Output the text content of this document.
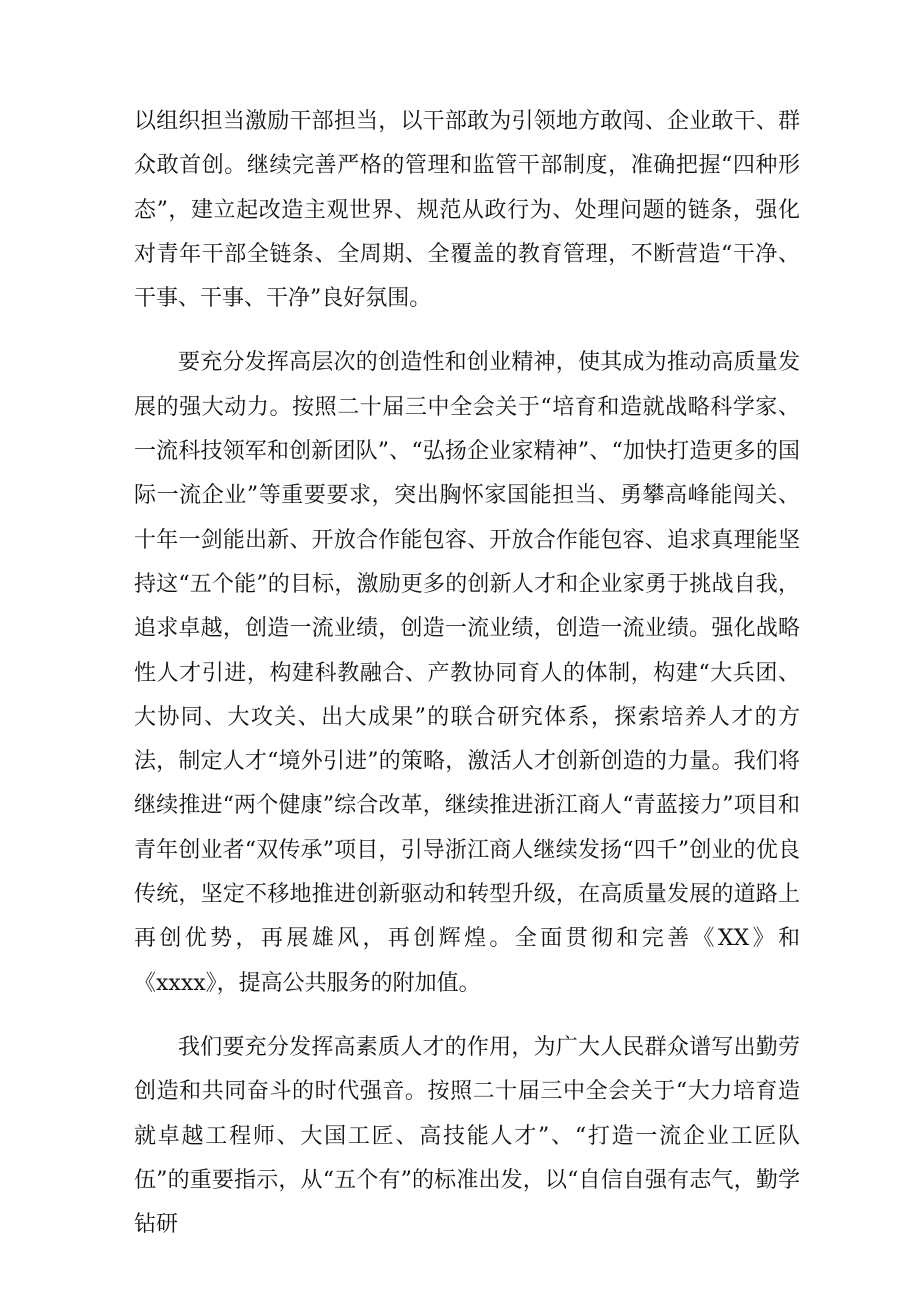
以组织担当激励干部担当，以干部敢为引领地方敢闯、企业敢干、群众敢首创。继续完善严格的管理和监管干部制度，准确把握“四种形态”，建立起改造主观世界、规范从政行为、处理问题的链条，强化对青年干部全链条、全周期、全覆盖的教育管理，不断营造“干净、干事、干事、干净”良好氛围。

要充分发挥高层次的创造性和创业精神，使其成为推动高质量发展的强大动力。按照二十届三中全会关于“培育和造就战略科学家、一流科技领军和创新团队”、“弘扬企业家精神”、“加快打造更多的国际一流企业”等重要要求，突出胸怀家国能担当、勇攀高峰能闯关、十年一剑能出新、开放合作能包容、开放合作能包容、追求真理能坚持这“五个能”的目标，激励更多的创新人才和企业家勇于挑战自我，追求卓越，创造一流业绩，创造一流业绩，创造一流业绩。强化战略性人才引进，构建科教融合、产教协同育人的体制，构建“大兵团、大协同、大攻关、出大成果”的联合研究体系，探索培养人才的方法，制定人才“境外引进”的策略，激活人才创新创造的力量。我们将继续推进“两个健康”综合改革，继续推进浙江商人“青蓝接力”项目和青年创业者“双传承”项目，引导浙江商人继续发扬“四千”创业的优良传统，坚定不移地推进创新驱动和转型升级，在高质量发展的道路上再创优势，再展雄风，再创辉煌。全面贯彻和完善《XX》和《xxxx》，提高公共服务的附加值。

我们要充分发挥高素质人才的作用，为广大人民群众谱写出勤劳创造和共同奋斗的时代强音。按照二十届三中全会关于“大力培育造就卓越工程师、大国工匠、高技能人才”、“打造一流企业工匠队伍”的重要指示，从“五个有”的标准出发，以“自信自强有志气，勤学钻研
